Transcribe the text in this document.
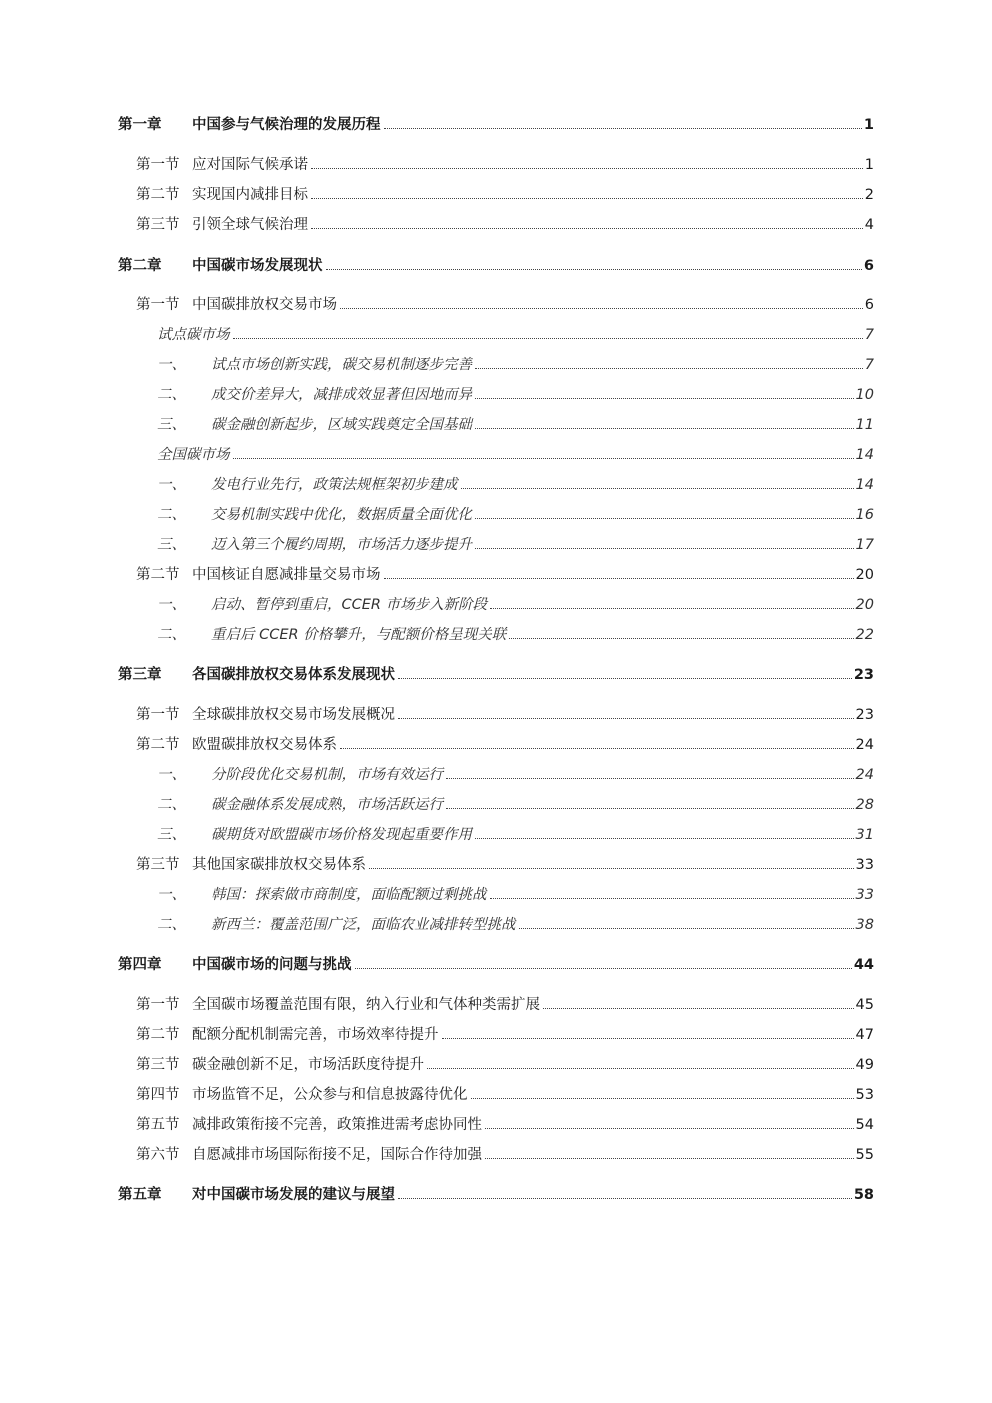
第一章	中国参与气候治理的发展历程	1
第一节 应对国际气候承诺	1
第二节 实现国内减排目标	2
第三节 引领全球气候治理	4
第二章	中国碳市场发展现状	6
第一节 中国碳排放权交易市场	6
试点碳市场	7
一、	试点市场创新实践，碳交易机制逐步完善	7
二、	成交价差异大，减排成效显著但因地而异	10
三、	碳金融创新起步，区域实践奠定全国基础	11
全国碳市场	14
一、	发电行业先行，政策法规框架初步建成	14
二、	交易机制实践中优化，数据质量全面优化	16
三、	迈入第三个履约周期，市场活力逐步提升	17
第二节 中国核证自愿减排量交易市场	20
一、	启动、暂停到重启，CCER 市场步入新阶段	20
二、	重启后 CCER 价格攀升，与配额价格呈现关联	22
第三章	各国碳排放权交易体系发展现状	23
第一节 全球碳排放权交易市场发展概况	23
第二节 欧盟碳排放权交易体系	24
一、	分阶段优化交易机制，市场有效运行	24
二、	碳金融体系发展成熟，市场活跃运行	28
三、	碳期货对欧盟碳市场价格发现起重要作用	31
第三节 其他国家碳排放权交易体系	33
一、	韩国：探索做市商制度，面临配额过剩挑战	33
二、	新西兰：覆盖范围广泛，面临农业减排转型挑战	38
第四章	中国碳市场的问题与挑战	44
第一节 全国碳市场覆盖范围有限，纳入行业和气体种类需扩展	45
第二节 配额分配机制需完善，市场效率待提升	47
第三节 碳金融创新不足，市场活跃度待提升	49
第四节 市场监管不足，公众参与和信息披露待优化	53
第五节 减排政策衔接不完善，政策推进需考虑协同性	54
第六节 自愿减排市场国际衔接不足，国际合作待加强	55
第五章	对中国碳市场发展的建议与展望	58
